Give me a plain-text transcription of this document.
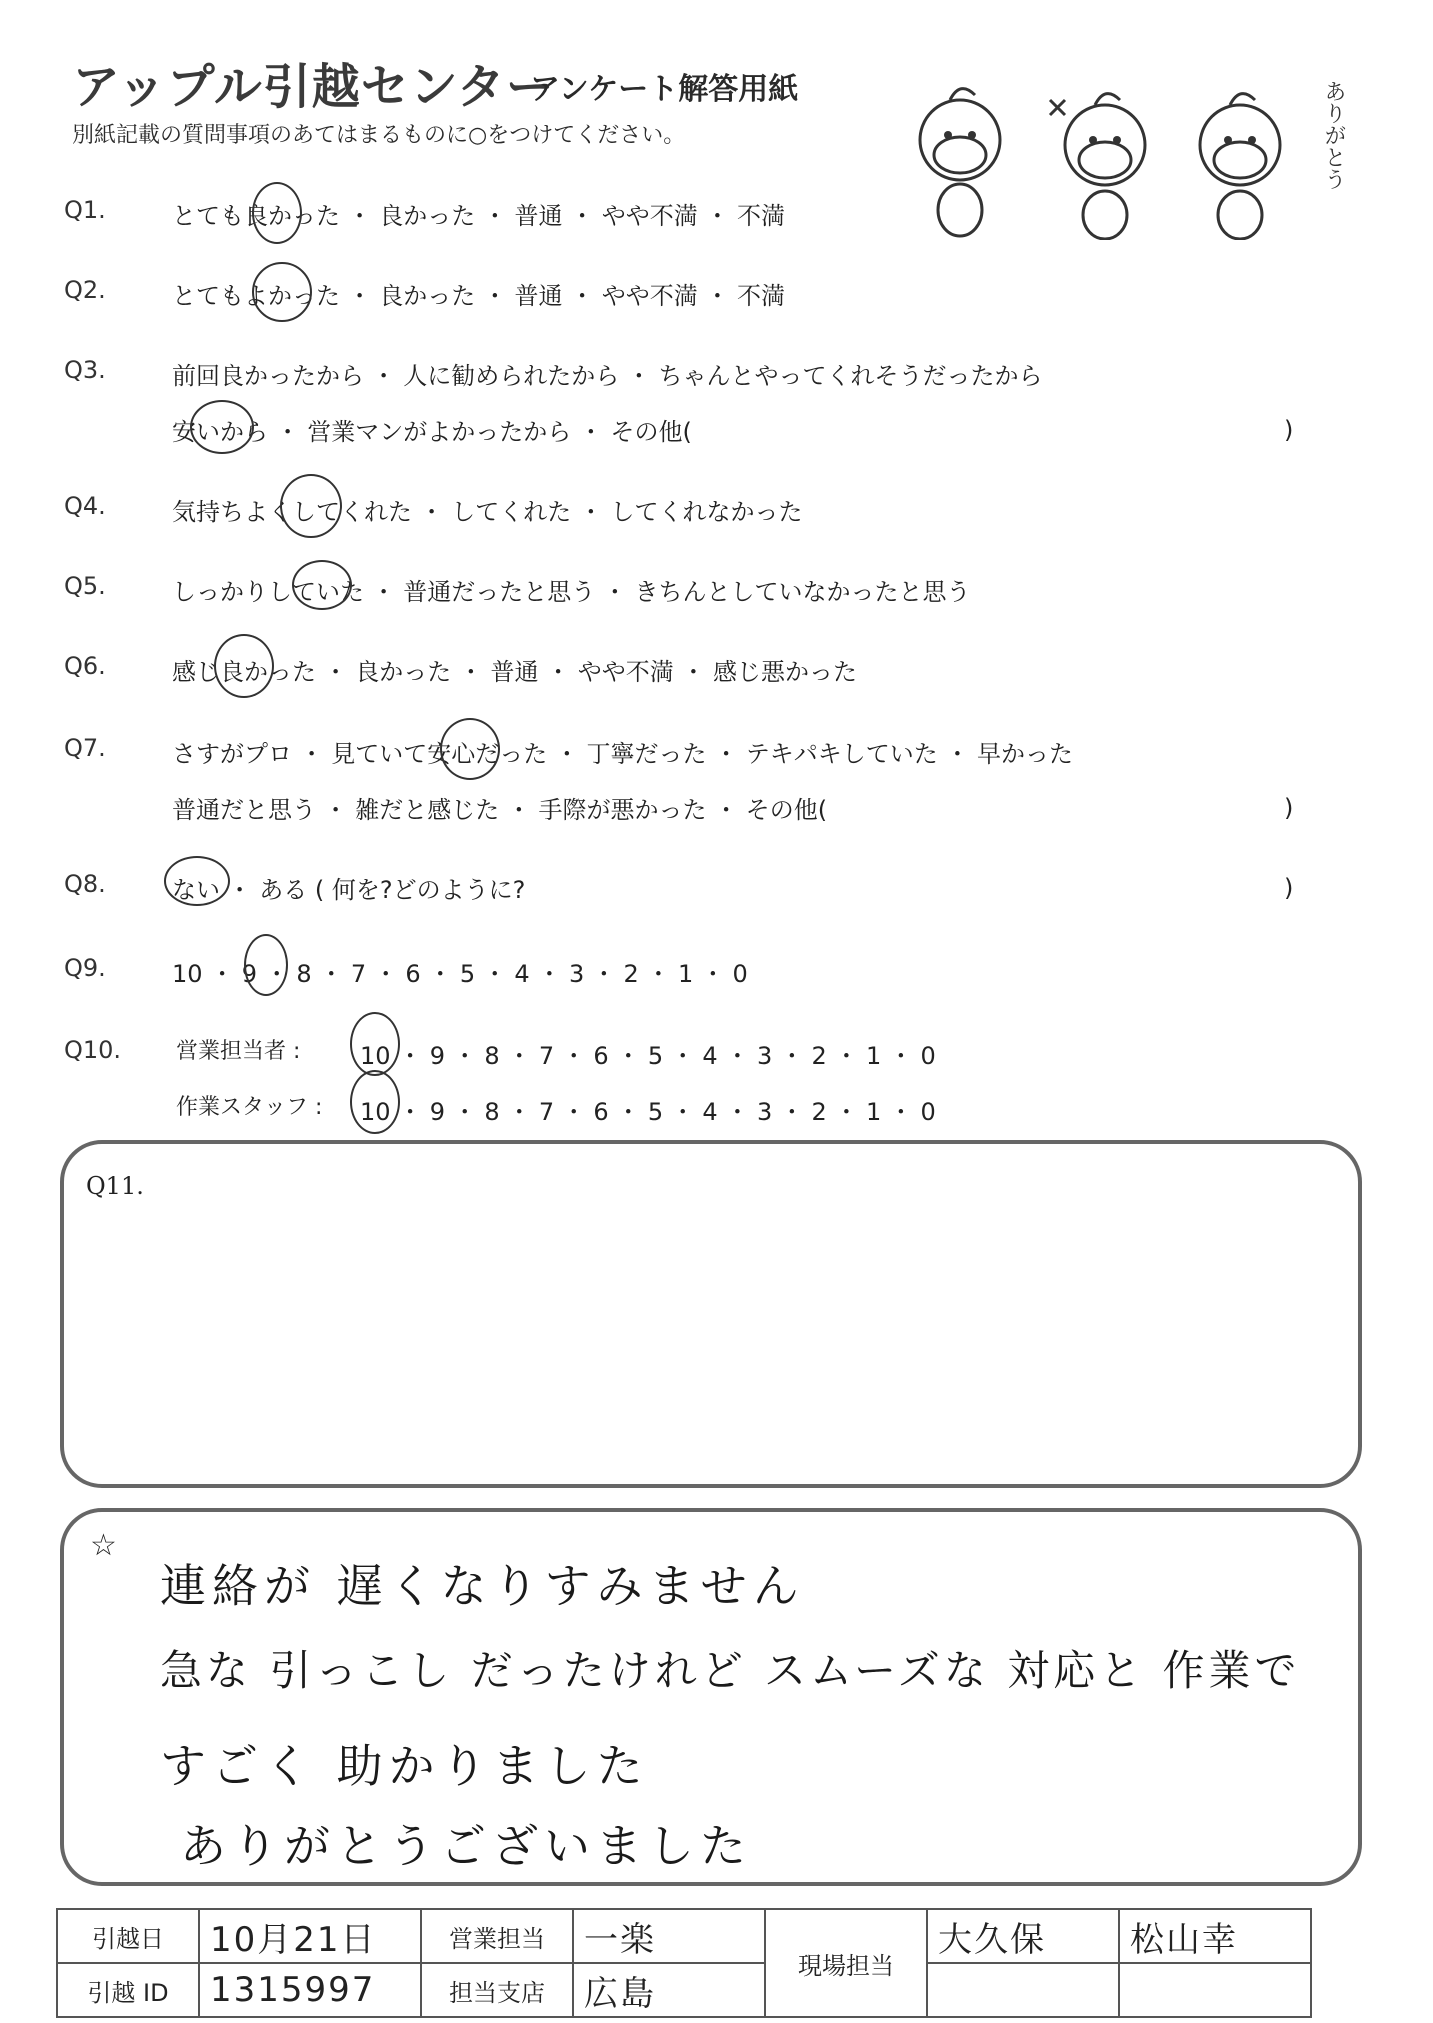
アップル引越センター
アンケート解答用紙
別紙記載の質問事項のあてはまるものに○をつけてください。	ありがとう
Q1.	とても良かった ・ 良かった ・ 普通 ・ やや不満 ・ 不満
Q2.	とてもよかった ・ 良かった ・ 普通 ・ やや不満 ・ 不満
Q3.	前回良かったから ・ 人に勧められたから ・ ちゃんとやってくれそうだったから
安いから ・ 営業マンがよかったから ・ その他(	)
Q4.	気持ちよくしてくれた ・ してくれた ・ してくれなかった
Q5.	しっかりしていた ・ 普通だったと思う ・ きちんとしていなかったと思う
Q6.	感じ良かった ・ 良かった ・ 普通 ・ やや不満 ・ 感じ悪かった
Q7.	さすがプロ ・ 見ていて安心だった ・ 丁寧だった ・ テキパキしていた ・ 早かった
普通だと思う ・ 雑だと感じた ・ 手際が悪かった ・ その他(	)
Q8.	ない ・ ある ( 何を?どのように?	)
Q9.	10 ・ 9 ・ 8 ・ 7 ・ 6 ・ 5 ・ 4 ・ 3 ・ 2 ・ 1 ・ 0
Q10. 営業担当者 : 10 ・ 9 ・ 8 ・ 7 ・ 6 ・ 5 ・ 4 ・ 3 ・ 2 ・ 1 ・ 0
作業スタッフ : 10 ・ 9 ・ 8 ・ 7 ・ 6 ・ 5 ・ 4 ・ 3 ・ 2 ・ 1 ・ 0
Q11.
☆
連絡が 遅くなりすみません
急な 引っこし だったけれど スムーズな 対応と 作業で
すごく 助かりました
ありがとうございました
引越日	10月21日	営業担当	一楽	現場担当	大久保	松山幸
引越 ID	1315997	担当支店	広島			
